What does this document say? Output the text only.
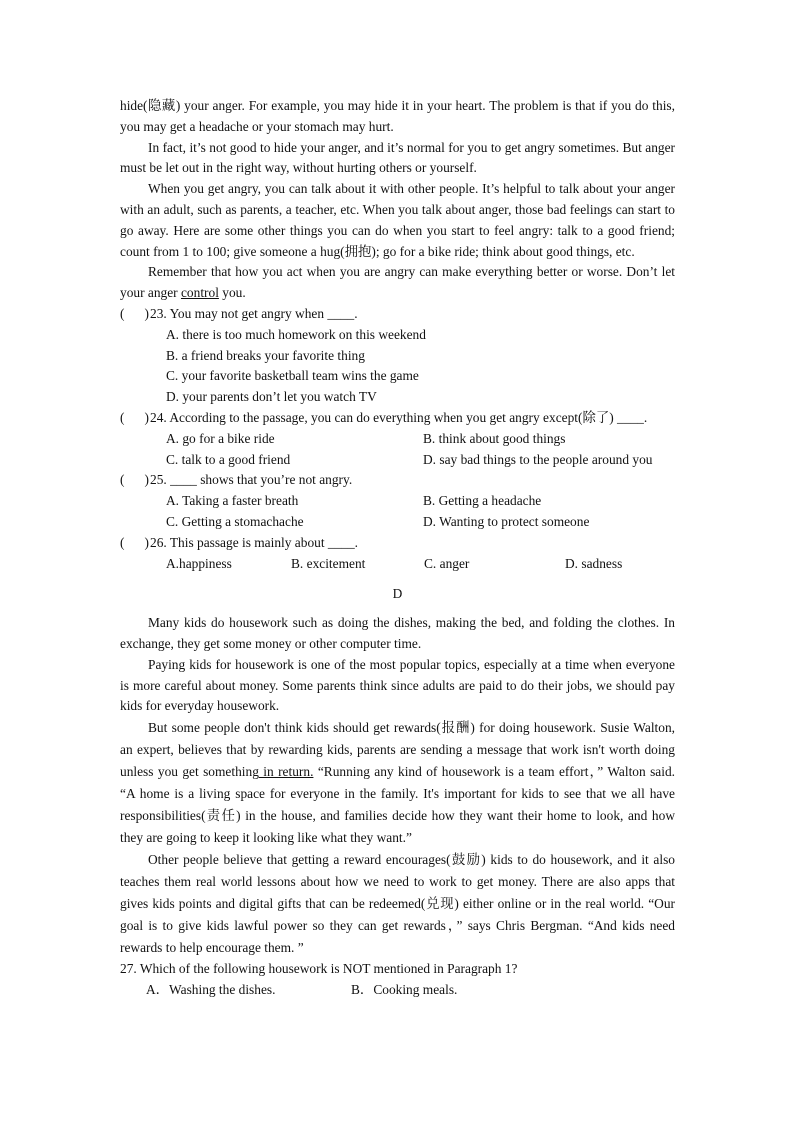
hide(隐藏) your anger. For example, you may hide it in your heart. The problem is that if you do this, you may get a headache or your stomach may hurt.

In fact, it’s not good to hide your anger, and it’s normal for you to get angry sometimes. But anger must be let out in the right way, without hurting others or yourself.

When you get angry, you can talk about it with other people. It’s helpful to talk about your anger with an adult, such as parents, a teacher, etc. When you talk about anger, those bad feelings can start to go away. Here are some other things you can do when you start to feel angry: talk to a good friend; count from 1 to 100; give someone a hug(拥抱); go for a bike ride; think about good things, etc.

Remember that how you act when you are angry can make everything better or worse. Don’t let your anger control you.

(      ) 23. You may not get angry when ____.
A. there is too much homework on this weekend
B. a friend breaks your favorite thing
C. your favorite basketball team wins the game
D. your parents don’t let you watch TV
(      ) 24. According to the passage, you can do everything when you get angry except(除了) ____.
A. go for a bike ride	B. think about good things
C. talk to a good friend	D. say bad things to the people around you
(      ) 25. ____ shows that you’re not angry.
A. Taking a faster breath	B. Getting a headache
C. Getting a stomachache	D. Wanting to protect someone
(      ) 26. This passage is mainly about ____.
A.happiness	B. excitement	C. anger	D. sadness
D

Many kids do housework such as doing the dishes, making the bed, and folding the clothes. In exchange, they get some money or other computer time.

Paying kids for housework is one of the most popular topics, especially at a time when everyone is more careful about money. Some parents think since adults are paid to do their jobs, we should pay kids for everyday housework.

But some people don't think kids should get rewards(报酬) for doing housework. Susie Walton, an expert, believes that by rewarding kids, parents are sending a message that work isn't worth doing unless you get something in return. “Running any kind of housework is a team effort，” Walton said. “A home is a living space for everyone in the family. It's important for kids to see that we all have responsibilities(责任) in the house, and families decide how they want their home to look, and how they are going to keep it looking like what they want.”

Other people believe that getting a reward encourages(鼓励) kids to do housework, and it also teaches them real world lessons about how we need to work to get money. There are also apps that gives kids points and digital gifts that can be redeemed(兑现) either online or in the real world. “Our goal is to give kids lawful power so they can get rewards，” says Chris Bergman. “And kids need rewards to help encourage them. ”

27. Which of the following housework is NOT mentioned in Paragraph 1?
A．Washing the dishes.	B．Cooking meals.
